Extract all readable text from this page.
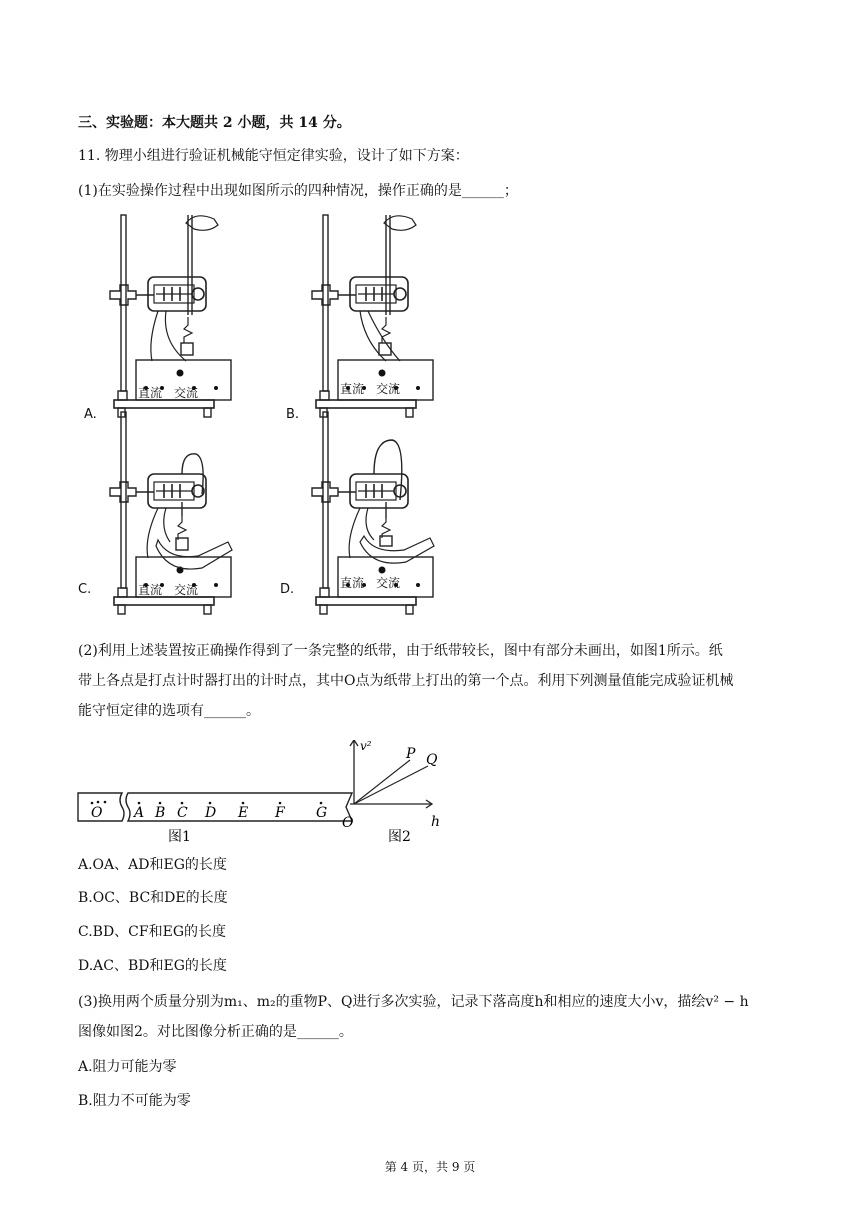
三、实验题：本大题共 2 小题，共 14 分。
11. 物理小组进行验证机械能守恒定律实验，设计了如下方案：
(1)在实验操作过程中出现如图所示的四种情况，操作正确的是______；
直流 交流	直流 交流
直流 交流	直流 交流
A.	B.
C.	D.
(2)利用上述装置按正确操作得到了一条完整的纸带，由于纸带较长，图中有部分未画出，如图1所示。纸
带上各点是打点计时器打出的计时点，其中O点为纸带上打出的第一个点。利用下列测量值能完成验证机械
能守恒定律的选项有______。
O A B C D E F G
图1
v²
h
O
P Q
图2
A.OA、AD和EG的长度
B.OC、BC和DE的长度
C.BD、CF和EG的长度
D.AC、BD和EG的长度
(3)换用两个质量分别为m₁、m₂的重物P、Q进行多次实验，记录下落高度h和相应的速度大小v，描绘v² − h
图像如图2。对比图像分析正确的是______。
A.阻力可能为零
B.阻力不可能为零
第 4 页，共 9 页
